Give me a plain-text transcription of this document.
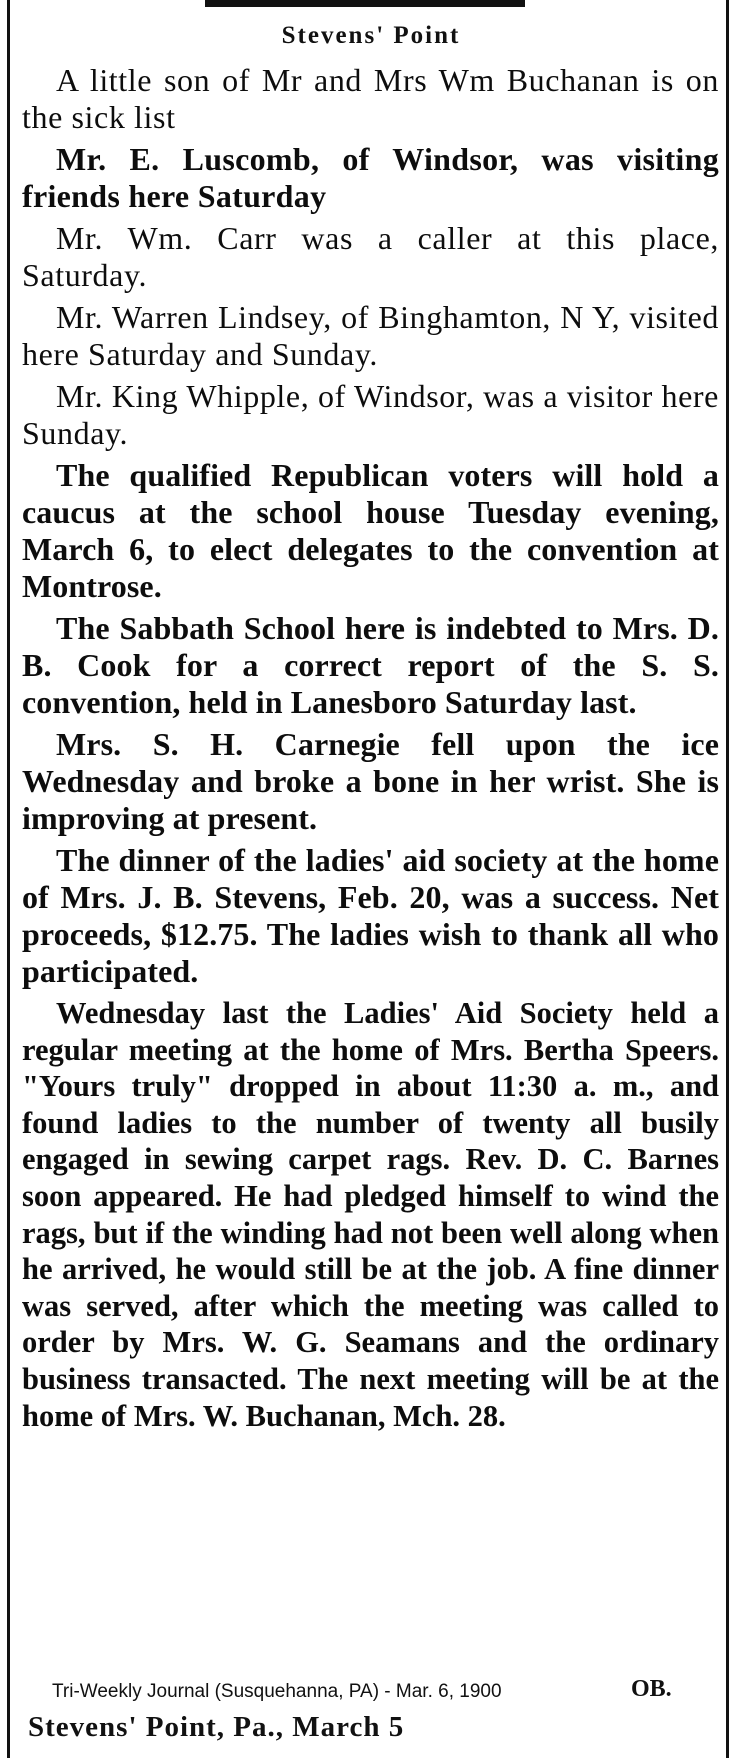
Stevens' Point

A little son of Mr and Mrs Wm Buchanan is on the sick list

Mr. E. Luscomb, of Windsor, was visiting friends here Saturday

Mr. Wm. Carr was a caller at this place, Saturday.

Mr. Warren Lindsey, of Binghamton, N Y, visited here Saturday and Sunday.

Mr. King Whipple, of Windsor, was a visitor here Sunday.

The qualified Republican voters will hold a caucus at the school house Tuesday evening, March 6, to elect delegates to the convention at Montrose.

The Sabbath School here is indebted to Mrs. D. B. Cook for a correct report of the S. S. convention, held in Lanesboro Saturday last.

Mrs. S. H. Carnegie fell upon the ice Wednesday and broke a bone in her wrist. She is improving at present.

The dinner of the ladies' aid society at the home of Mrs. J. B. Stevens, Feb. 20, was a success. Net proceeds, $12.75. The ladies wish to thank all who participated.

Wednesday last the Ladies' Aid Society held a regular meeting at the home of Mrs. Bertha Speers. "Yours truly" dropped in about 11:30 a. m., and found ladies to the number of twenty all busily engaged in sewing carpet rags. Rev. D. C. Barnes soon appeared. He had pledged himself to wind the rags, but if the winding had not been well along when he arrived, he would still be at the job. A fine dinner was served, after which the meeting was called to order by Mrs. W. G. Seamans and the ordinary business transacted. The next meeting will be at the home of Mrs. W. Buchanan, Mch. 28.

Tri-Weekly Journal (Susquehanna, PA) - Mar. 6, 1900	OB.
Stevens' Point, Pa., March 5
